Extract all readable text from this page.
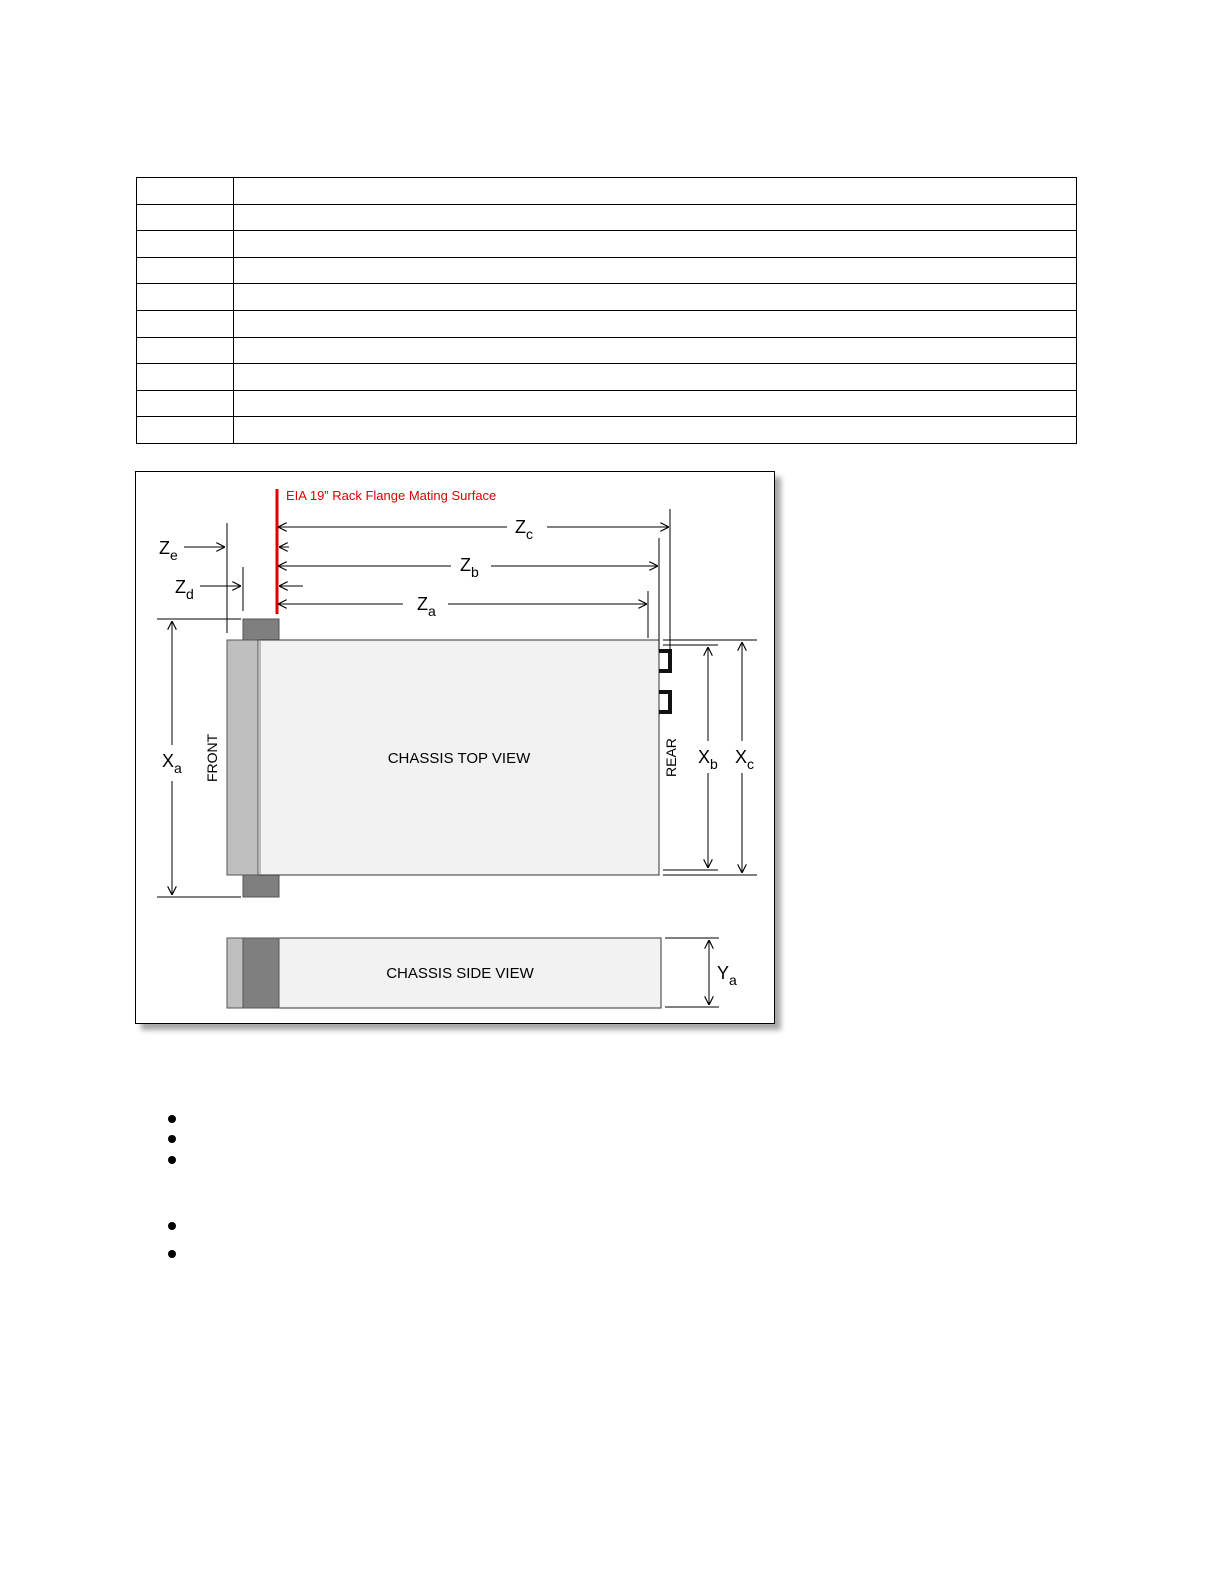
EIA 19” Rack Flange Mating Surface
$Z_c$
$Z_b$
$Z_a$
$Z_e$
$Z_d$
$X_a$ FRONT	REAR
CHASSIS TOP VIEW
CHASSIS SIDE VIEW
$X_b$ $X_c$
$Y_a$
